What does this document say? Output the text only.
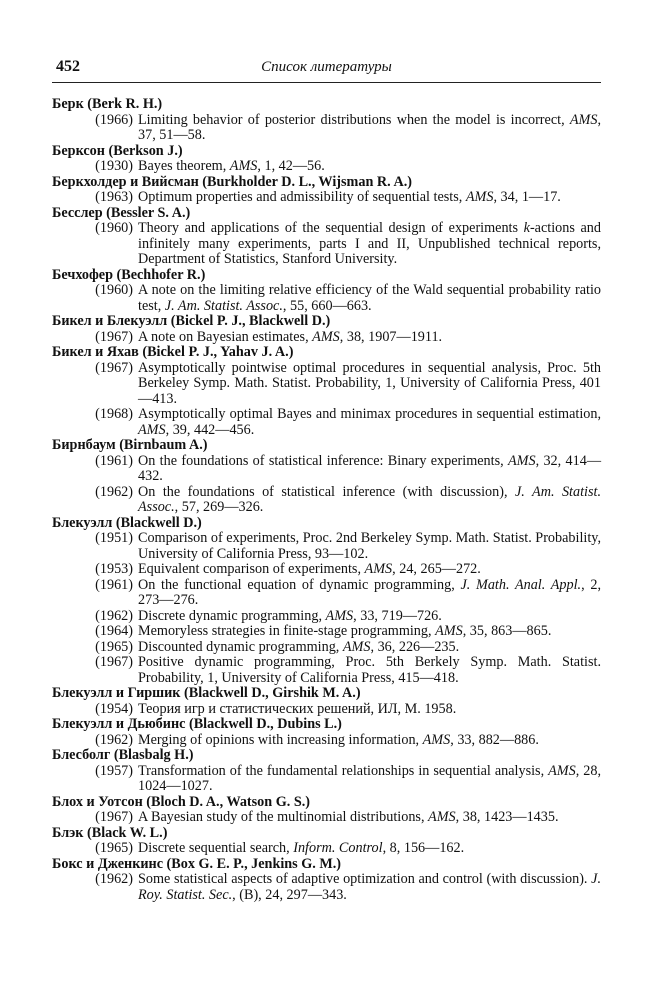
452	Список литературы
Берк (Berk R. H.)
(1966) Limiting behavior of posterior distributions when the model is incorrect, AMS, 37, 51—58.
Берксон (Berkson J.)
(1930) Bayes theorem, AMS, 1, 42—56.
Беркхолдер и Вийсман (Burkholder D. L., Wijsman R. A.)
(1963) Optimum properties and admissibility of sequential tests, AMS, 34, 1—17.
Бесслер (Bessler S. A.)
(1960) Theory and applications of the sequential design of experiments k-actions and infinitely many experiments, parts I and II, Unpublished technical reports, Department of Statistics, Stanford University.
Бечхофер (Bechhofer R.)
(1960) A note on the limiting relative efficiency of the Wald sequential probability ratio test, J. Am. Statist. Assoc., 55, 660—663.
Бикел и Блекуэлл (Bickel P. J., Blackwell D.)
(1967) A note on Bayesian estimates, AMS, 38, 1907—1911.
Бикел и Яхав (Bickel P. J., Yahav J. A.)
(1967) Asymptotically pointwise optimal procedures in sequential analysis, Proc. 5th Berkeley Symp. Math. Statist. Probability, 1, University of California Press, 401—413.
(1968) Asymptotically optimal Bayes and minimax procedures in sequential estimation, AMS, 39, 442—456.
Бирнбаум (Birnbaum A.)
(1961) On the foundations of statistical inference: Binary experiments, AMS, 32, 414—432.
(1962) On the foundations of statistical inference (with discussion), J. Am. Statist. Assoc., 57, 269—326.
Блекуэлл (Blackwell D.)
(1951) Comparison of experiments, Proc. 2nd Berkeley Symp. Math. Statist. Probability, University of California Press, 93—102.
(1953) Equivalent comparison of experiments, AMS, 24, 265—272.
(1961) On the functional equation of dynamic programming, J. Math. Anal. Appl., 2, 273—276.
(1962) Discrete dynamic programming, AMS, 33, 719—726.
(1964) Memoryless strategies in finite-stage programming, AMS, 35, 863—865.
(1965) Discounted dynamic programming, AMS, 36, 226—235.
(1967) Positive dynamic programming, Proc. 5th Berkely Symp. Math. Statist. Probability, 1, University of California Press, 415—418.
Блекуэлл и Гиршик (Blackwell D., Girshik M. A.)
(1954) Теория игр и статистических решений, ИЛ, М. 1958.
Блекуэлл и Дьюбинс (Blackwell D., Dubins L.)
(1962) Merging of opinions with increasing information, AMS, 33, 882—886.
Блесболг (Blasbalg H.)
(1957) Transformation of the fundamental relationships in sequential analysis, AMS, 28, 1024—1027.
Блох и Уотсон (Bloch D. A., Watson G. S.)
(1967) A Bayesian study of the multinomial distributions, AMS, 38, 1423—1435.
Блэк (Black W. L.)
(1965) Discrete sequential search, Inform. Control, 8, 156—162.
Бокс и Дженкинс (Box G. E. P., Jenkins G. M.)
(1962) Some statistical aspects of adaptive optimization and control (with discussion). J. Roy. Statist. Sec., (B), 24, 297—343.
